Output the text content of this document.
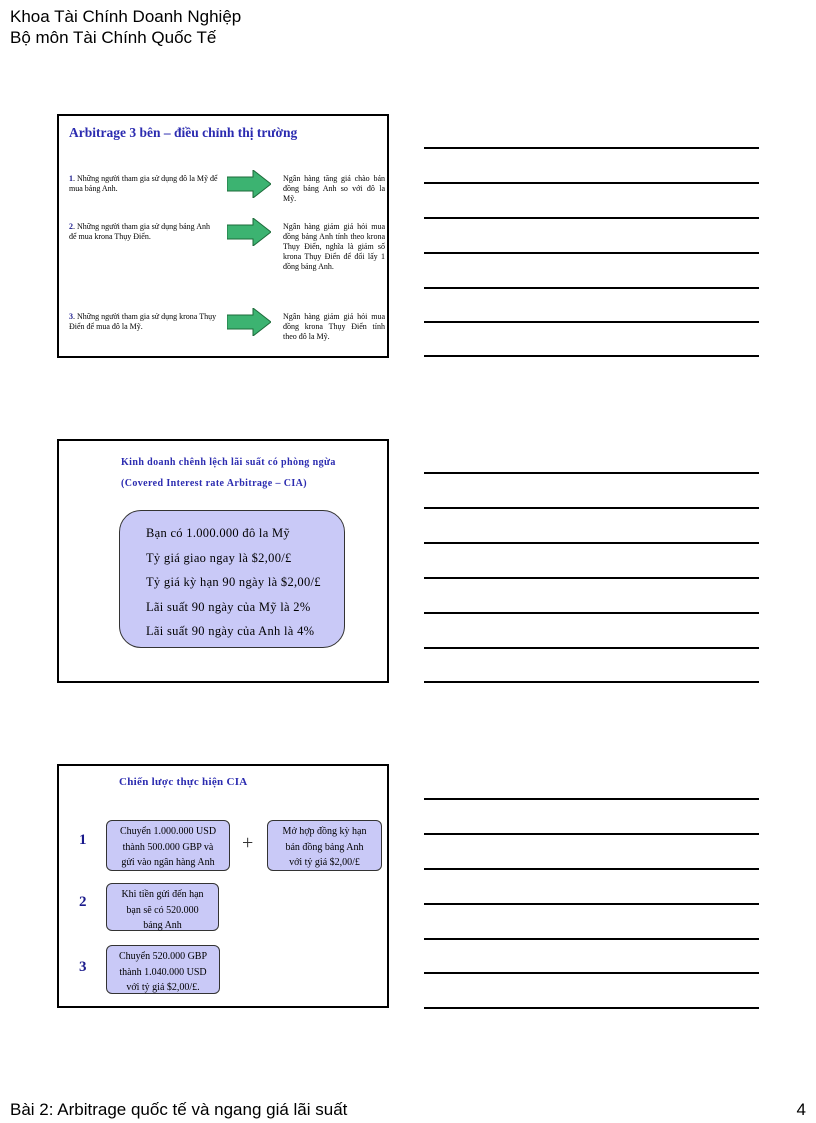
Khoa Tài Chính Doanh Nghiệp
Bộ môn Tài Chính Quốc Tế
Arbitrage 3 bên – điều chỉnh thị trường
1. Những người tham gia sử dụng đô la Mỹ để mua bảng Anh.
Ngân hàng tăng giá chào bán đồng bảng Anh so với đô la Mỹ.
2. Những người tham gia sử dụng bảng Anh để mua krona Thụy Điển.
Ngân hàng giảm giá hỏi mua đồng bảng Anh tính theo krona Thụy Điển, nghĩa là giảm số krona Thụy Điển để đổi lấy 1 đồng bảng Anh.
3. Những người tham gia sử dụng krona Thụy Điển để mua đô la Mỹ.
Ngân hàng giảm giá hỏi mua đồng krona Thụy Điển tính theo đô la Mỹ.
Kinh doanh chênh lệch lãi suất có phòng ngừa
(Covered Interest rate Arbitrage – CIA)
Bạn có 1.000.000 đô la Mỹ
Tỷ giá giao ngay là $2,00/£
Tỷ giá kỳ hạn 90 ngày là $2,00/£
Lãi suất 90 ngày của Mỹ là 2%
Lãi suất 90 ngày của Anh là 4%
Chiến lược thực hiện CIA
1
Chuyển 1.000.000 USD
thành 500.000 GBP và
gửi vào ngân hàng Anh
+
Mở hợp đồng kỳ hạn
bán đồng bảng Anh
với tỷ giá $2,00/£
2	Khi tiền gửi đến hạn
bạn sẽ có 520.000
bảng Anh
3
Chuyển 520.000 GBP
thành 1.040.000 USD
với tỷ giá $2,00/£.
Bài 2: Arbitrage quốc tế và ngang giá lãi suất	4
